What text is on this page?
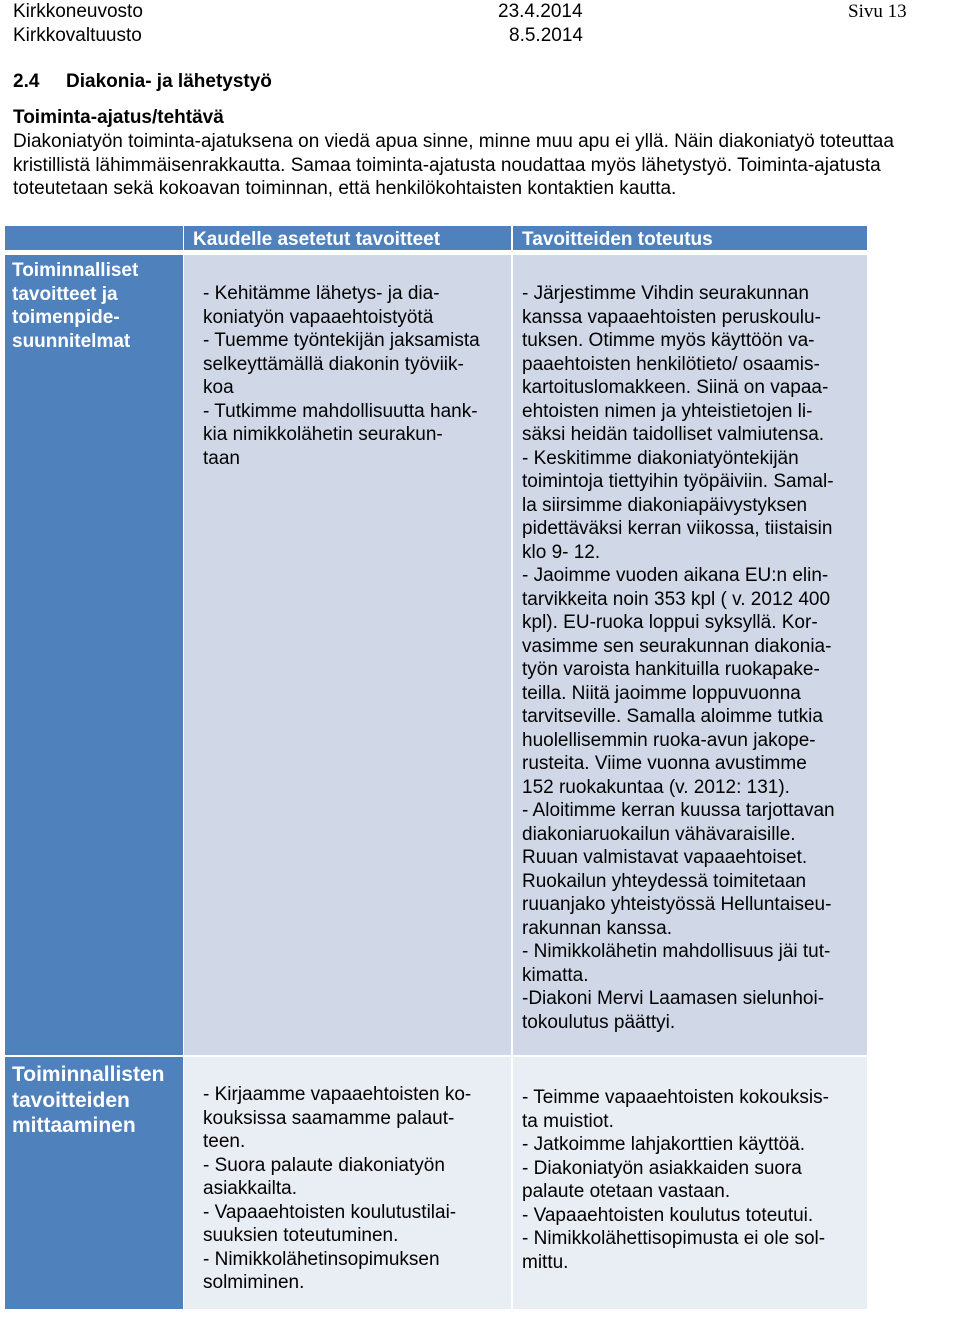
Kirkkoneuvosto
Kirkkovaltuusto
23.4.2014
8.5.2014
Sivu 13
2.4 Diakonia- ja lähetystyö
Toiminta-ajatus/tehtävä

Diakoniatyön toiminta-ajatuksena on viedä apua sinne, minne muu apu ei yllä. Näin diakoniatyö toteuttaa

kristillistä lähimmäisenrakkautta. Samaa toiminta-ajatusta noudattaa myös lähetystyö. Toiminta-ajatusta

toteutetaan sekä kokoavan toiminnan, että henkilökohtaisten kontaktien kautta.

Kaudelle asetetut tavoitteet	Tavoitteiden toteutus
Toiminnalliset
tavoitteet ja
toimenpide-
suunnitelmat
- Kehitämme lähetys- ja dia-
koniatyön vapaaehtoistyötä
- Tuemme työntekijän jaksamista
selkeyttämällä diakonin työviik-
koa
- Tutkimme mahdollisuutta hank-
kia nimikkolähetin seurakun-
taan
- Järjestimme Vihdin seurakunnan
kanssa vapaaehtoisten peruskoulu-
tuksen. Otimme myös käyttöön va-
paaehtoisten henkilötieto/ osaamis-
kartoituslomakkeen. Siinä on vapaa-
ehtoisten nimen ja yhteistietojen li-
säksi heidän taidolliset valmiutensa.
- Keskitimme diakoniatyöntekijän
toimintoja tiettyihin työpäiviin. Samal-
la siirsimme diakoniapäivystyksen
pidettäväksi kerran viikossa, tiistaisin
klo 9- 12.
- Jaoimme vuoden aikana EU:n elin-
tarvikkeita noin 353 kpl ( v. 2012 400
kpl). EU-ruoka loppui syksyllä. Kor-
vasimme sen seurakunnan diakonia-
työn varoista hankituilla ruokapake-
teilla. Niitä jaoimme loppuvuonna
tarvitseville. Samalla aloimme tutkia
huolellisemmin ruoka-avun jakope-
rusteita. Viime vuonna avustimme
152 ruokakuntaa (v. 2012: 131).
- Aloitimme kerran kuussa tarjottavan
diakoniaruokailun vähävaraisille.
Ruuan valmistavat vapaaehtoiset.
Ruokailun yhteydessä toimitetaan
ruuanjako yhteistyössä Helluntaiseu-
rakunnan kanssa.
- Nimikkolähetin mahdollisuus jäi tut-
kimatta.
-Diakoni Mervi Laamasen sielunhoi-
tokoulutus päättyi.
Toiminnallisten
tavoitteiden
mittaaminen
- Kirjaamme vapaaehtoisten ko-
kouksissa saamamme palaut-
teen.
- Suora palaute diakoniatyön
asiakkailta.
- Vapaaehtoisten koulutustilai-
suuksien toteutuminen.
- Nimikkolähetinsopimuksen
solmiminen.
- Teimme vapaaehtoisten kokouksis-
ta muistiot.
- Jatkoimme lahjakorttien käyttöä.
- Diakoniatyön asiakkaiden suora
palaute otetaan vastaan.
- Vapaaehtoisten koulutus toteutui.
- Nimikkolähettisopimusta ei ole sol-
mittu.
